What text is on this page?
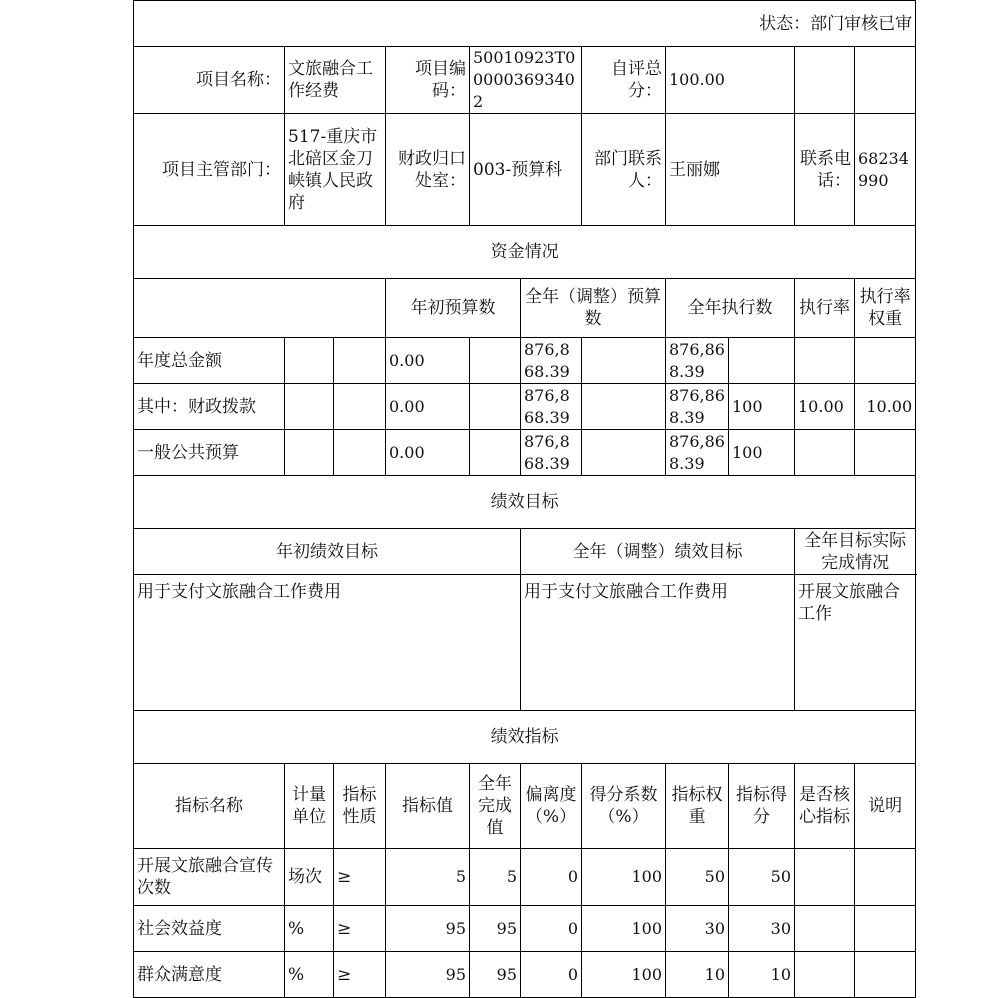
状态：部门审核已审										
项目名称：	文旅融合工作经费		项目编码：	50010923T000003693402		自评总分：	100.00			
项目主管部门：	517-重庆市北碚区金刀峡镇人民政府		财政归口处室：	003-预算科		部门联系人：	王丽娜		联系电话：	68234990
资金情况										
			年初预算数		全年（调整）预算数		全年执行数		执行率	执行率权重
年度总金额			0.00		876,868.39		876,868.39			
其中：财政拨款			0.00		876,868.39		876,868.39	100	10.00	10.00
一般公共预算			0.00		876,868.39		876,868.39	100		
绩效目标										
年初绩效目标					全年（调整）绩效目标				全年目标实际完成情况	
用于支付文旅融合工作费用					用于支付文旅融合工作费用				开展文旅融合工作	
绩效指标										
指标名称	计量单位	指标性质	指标值	全年完成值	偏离度（%）	得分系数（%）	指标权重	指标得分	是否核心指标	说明
开展文旅融合宣传次数	场次	≥	5	5	0	100	50	50		
社会效益度	%	≥	95	95	0	100	30	30		
群众满意度	%	≥	95	95	0	100	10	10		
